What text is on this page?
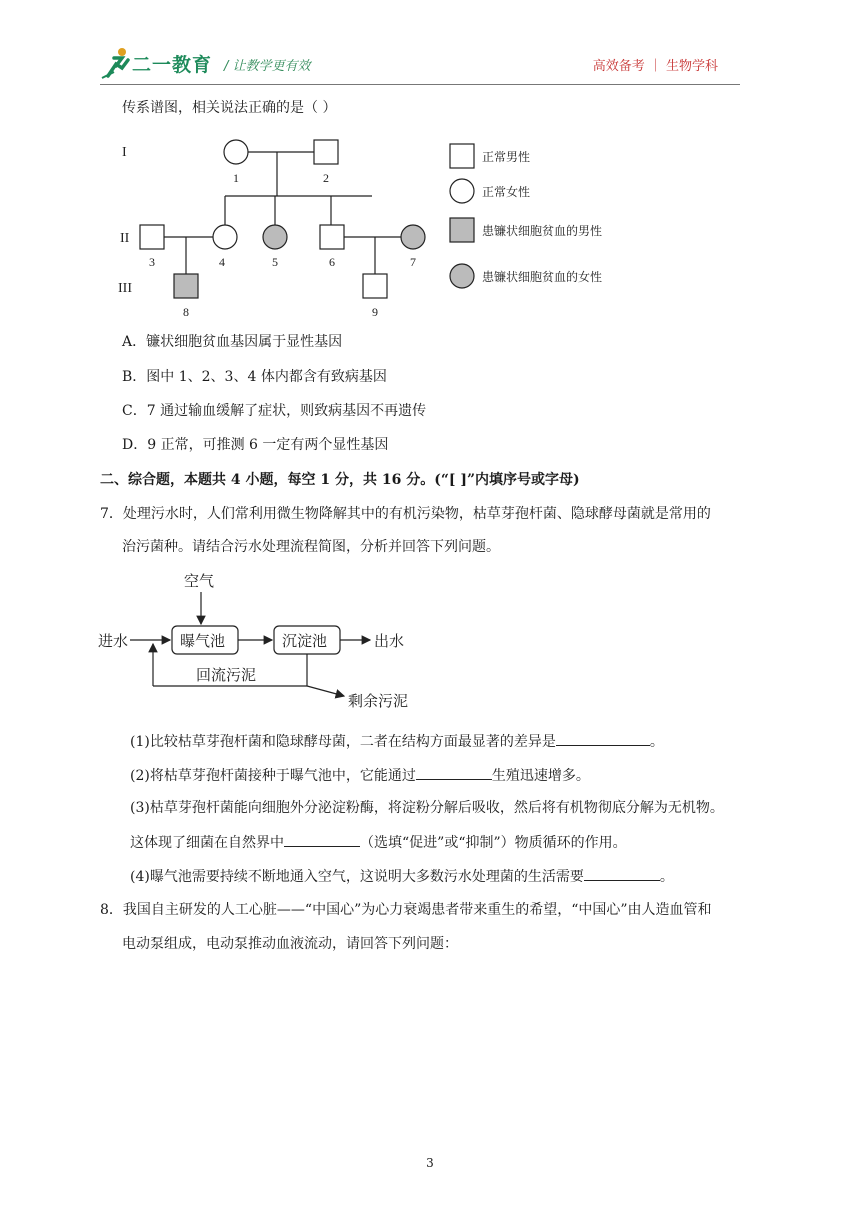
二一教育 / 让教学更有效	高效备考 ｜ 生物学科
传系谱图，相关说法正确的是（ ）
I
II
III
1	2
3	4	5	6	7
8	9
正常男性
正常女性
患镰状细胞贫血的男性
患镰状细胞贫血的女性
A．镰状细胞贫血基因属于显性基因
B．图中 1、2、3、4 体内都含有致病基因
C．7 通过输血缓解了症状，则致病基因不再遗传
D．9 正常，可推测 6 一定有两个显性基因
二、综合题，本题共 4 小题，每空 1 分，共 16 分。(“[ ]”内填序号或字母)
7．处理污水时，人们常利用微生物降解其中的有机污染物，枯草芽孢杆菌、隐球酵母菌就是常用的
治污菌种。请结合污水处理流程简图，分析并回答下列问题。
空气
进水	曝气池	沉淀池	出水
回流污泥
剩余污泥
(1)比较枯草芽孢杆菌和隐球酵母菌，二者在结构方面最显著的差异是	。
(2)将枯草芽孢杆菌接种于曝气池中，它能通过	生殖迅速增多。
(3)枯草芽孢杆菌能向细胞外分泌淀粉酶，将淀粉分解后吸收，然后将有机物彻底分解为无机物。
这体现了细菌在自然界中	（选填“促进”或“抑制”）物质循环的作用。
(4)曝气池需要持续不断地通入空气，这说明大多数污水处理菌的生活需要	。
8．我国自主研发的人工心脏——“中国心”为心力衰竭患者带来重生的希望，“中国心”由人造血管和
电动泵组成，电动泵推动血液流动，请回答下列问题：
3
